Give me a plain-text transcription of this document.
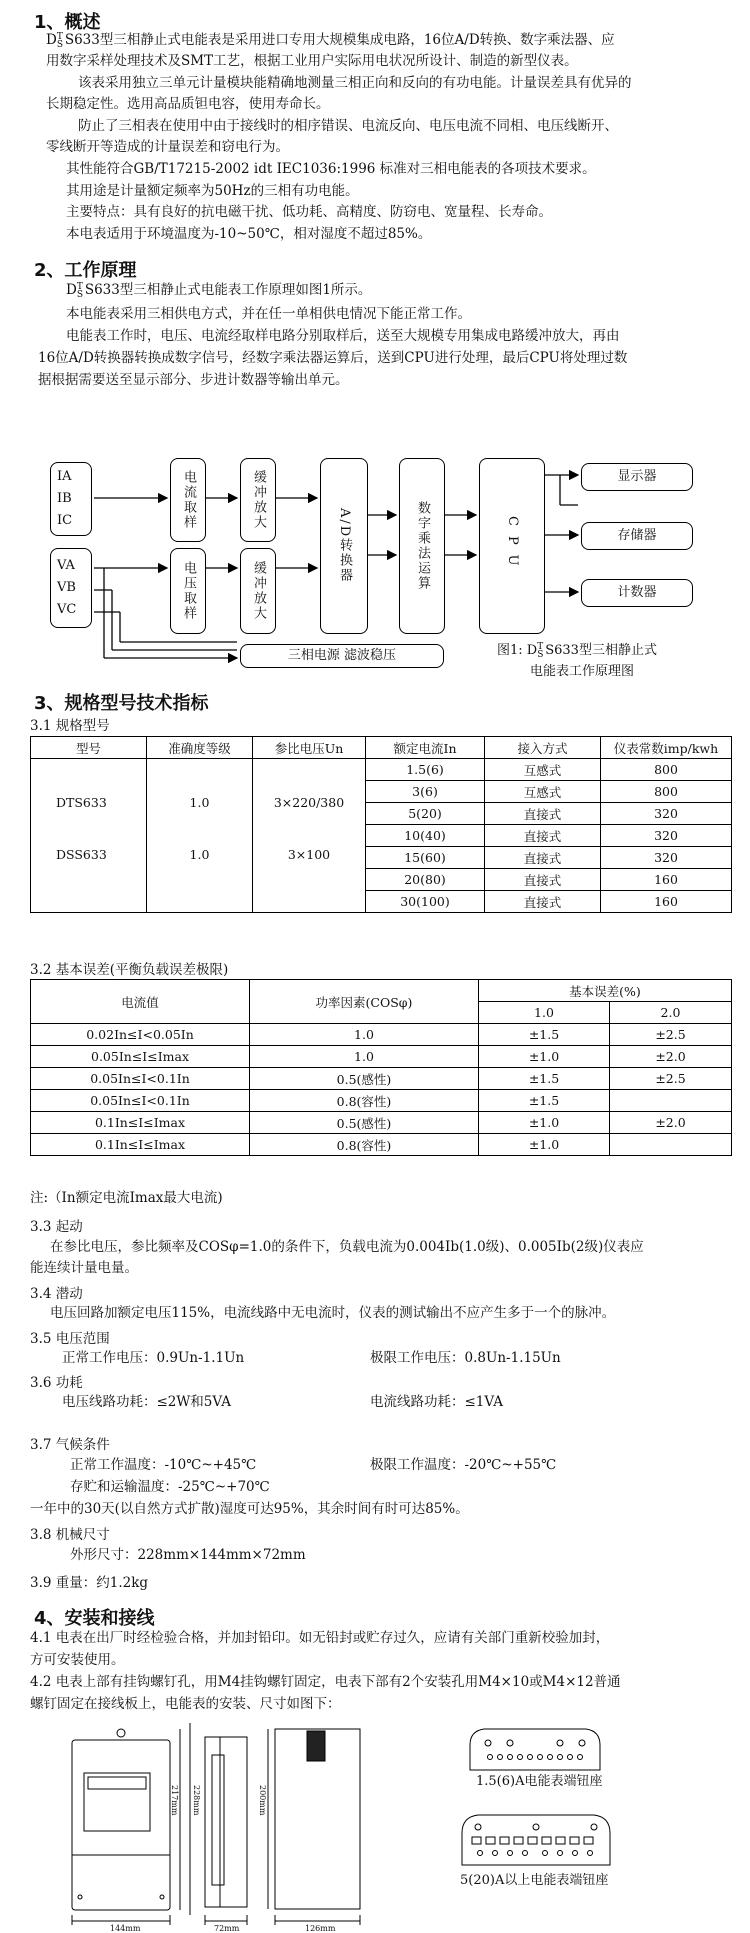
1、概述
D T
S S633型三相静止式电能表是采用进口专用大规模集成电路，16位A/D转换、数字乘法器、应
用数字采样处理技术及SMT工艺，根据工业用户实际用电状况所设计、制造的新型仪表。
该表采用独立三单元计量模块能精确地测量三相正向和反向的有功电能。计量误差具有优异的
长期稳定性。选用高品质钽电容，使用寿命长。
防止了三相表在使用中由于接线时的相序错误、电流反向、电压电流不同相、电压线断开、
零线断开等造成的计量误差和窃电行为。
其性能符合GB/T17215-2002 idt IEC1036:1996 标准对三相电能表的各项技术要求。
其用途是计量额定频率为50Hz的三相有功电能。
主要特点：具有良好的抗电磁干扰、低功耗、高精度、防窃电、宽量程、长寿命。
本电表适用于环境温度为-10~50℃，相对湿度不超过85%。
2、工作原理
D T
S S633型三相静止式电能表工作原理如图1所示。
本电能表采用三相供电方式，并在任一单相供电情况下能正常工作。
电能表工作时，电压、电流经取样电路分别取样后，送至大规模专用集成电路缓冲放大，再由
16位A/D转换器转换成数字信号，经数字乘法器运算后，送到CPU进行处理，最后CPU将处理过数
据根据需要送至显示部分、步进计数器等输出单元。
IA
IB
IC
VA
VB
VC
电流取样
电压取样
缓冲放大
缓冲放大
A/D转换器	数字乘法运算	CPU
显示器
存储器
计数器
三相电源 滤波稳压	图1: D T
S S633型三相静止式
电能表工作原理图
3、规格型号技术指标
3.1 规格型号
型号	准确度等级	参比电压Un	额定电流In	接入方式	仪表常数imp/kwh
DTS633	1.0	3×220/380	1.5(6)	互感式	800
			3(6)	互感式	800
			5(20)	直接式	320
			10(40)	直接式	320
DSS633	1.0	3×100	15(60)	直接式	320
			20(80)	直接式	160
			30(100)	直接式	160
3.2 基本误差(平衡负载误差极限)
电流值	功率因素(COSφ)	基本误差(%)	
		1.0	2.0
0.02In≤I<0.05In	1.0	±1.5	±2.5
0.05In≤I≤Imax	1.0	±1.0	±2.0
0.05In≤I<0.1In	0.5(感性)	±1.5	±2.5
0.05In≤I<0.1In	0.8(容性)	±1.5	
0.1In≤I≤Imax	0.5(感性)	±1.0	±2.0
0.1In≤I≤Imax	0.8(容性)	±1.0	
注:（In额定电流Imax最大电流)
3.3 起动
在参比电压，参比频率及COSφ=1.0的条件下，负载电流为0.004Ib(1.0级)、0.005Ib(2级)仪表应
能连续计量电量。
3.4 潜动
电压回路加额定电压115%，电流线路中无电流时，仪表的测试输出不应产生多于一个的脉冲。
3.5 电压范围
正常工作电压：0.9Un-1.1Un	极限工作电压：0.8Un-1.15Un
3.6 功耗
电压线路功耗：≤2W和5VA	电流线路功耗：≤1VA
3.7 气候条件
正常工作温度：-10℃~+45℃	极限工作温度：-20℃~+55℃
存贮和运输温度：-25℃~+70℃
一年中的30天(以自然方式扩散)湿度可达95%，其余时间有时可达85%。
3.8 机械尺寸
外形尺寸：228mm×144mm×72mm
3.9 重量：约1.2kg
4、安装和接线
4.1 电表在出厂时经检验合格，并加封铅印。如无铅封或贮存过久，应请有关部门重新校验加封，
方可安装使用。
4.2 电表上部有挂钩螺钉孔，用M4挂钩螺钉固定，电表下部有2个安装孔用M4×10或M4×12普通
螺钉固定在接线板上，电能表的安装、尺寸如图下：
144mm
217mm 228mm
72mm
200mm
126mm
1.5(6)A电能表端钮座
5(20)A以上电能表端钮座
